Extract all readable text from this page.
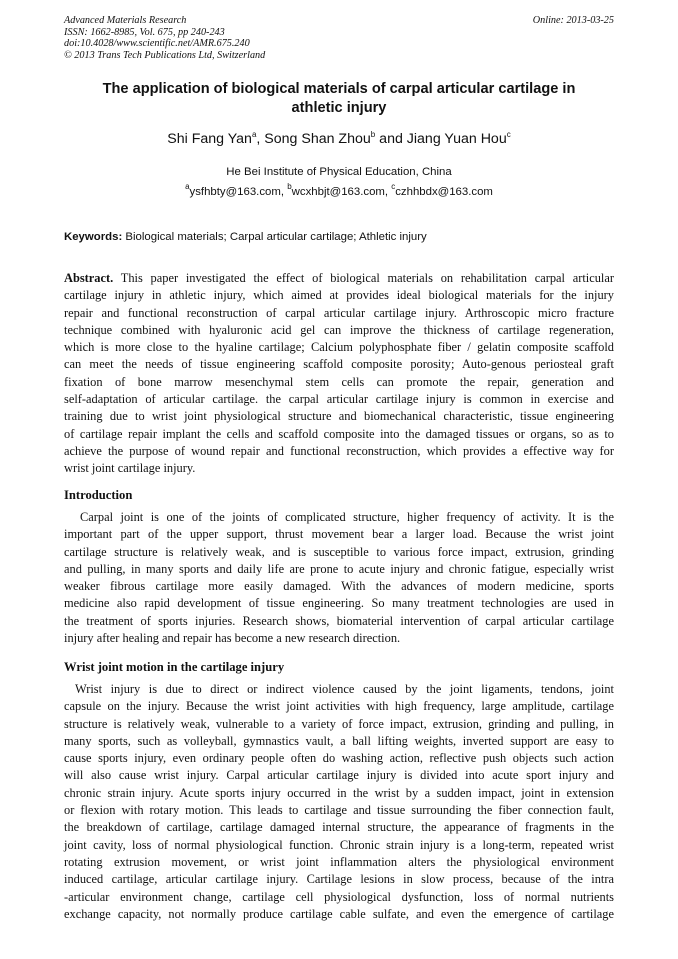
Advanced Materials Research
ISSN: 1662-8985, Vol. 675, pp 240-243
doi:10.4028/www.scientific.net/AMR.675.240
© 2013 Trans Tech Publications Ltd, Switzerland
Online: 2013-03-25
The application of biological materials of carpal articular cartilage in
athletic injury
Shi Fang Yan$^a$, Song Shan Zhou$^b$ and Jiang Yuan Hou$^c$
He Bei Institute of Physical Education, China
$^a$ysfhbty@163.com, $^b$wcxhbjt@163.com, $^c$czhhbdx@163.com
Keywords: Biological materials; Carpal articular cartilage; Athletic injury
Abstract. This paper investigated the effect of biological materials on rehabilitation carpal articular
cartilage injury in athletic injury, which aimed at provides ideal biological materials for the injury
repair and functional reconstruction of carpal articular cartilage injury. Arthroscopic micro fracture
technique combined with hyaluronic acid gel can improve the thickness of cartilage regeneration,
which is more close to the hyaline cartilage; Calcium polyphosphate fiber / gelatin composite scaffold
can meet the needs of tissue engineering scaffold composite porosity; Auto-genous periosteal graft
fixation of bone marrow mesenchymal stem cells can promote the repair, generation and
self-adaptation of articular cartilage. the carpal articular cartilage injury is common in exercise and
training due to wrist joint physiological structure and biomechanical characteristic, tissue engineering
of cartilage repair implant the cells and scaffold composite into the damaged tissues or organs, so as to
achieve the purpose of wound repair and functional reconstruction, which provides a effective way for
wrist joint cartilage injury.
Introduction
Carpal joint is one of the joints of complicated structure, higher frequency of activity. It is the
important part of the upper support, thrust movement bear a larger load. Because the wrist joint
cartilage structure is relatively weak, and is susceptible to various force impact, extrusion, grinding
and pulling, in many sports and daily life are prone to acute injury and chronic fatigue, especially wrist
weaker fibrous cartilage more easily damaged. With the advances of modern medicine, sports
medicine also rapid development of tissue engineering. So many treatment technologies are used in
the treatment of sports injuries. Research shows, biomaterial intervention of carpal articular cartilage
injury after healing and repair has become a new research direction.
Wrist joint motion in the cartilage injury
Wrist injury is due to direct or indirect violence caused by the joint ligaments, tendons, joint
capsule on the injury. Because the wrist joint activities with high frequency, large amplitude, cartilage
structure is relatively weak, vulnerable to a variety of force impact, extrusion, grinding and pulling, in
many sports, such as volleyball, gymnastics vault, a ball lifting weights, inverted support are easy to
cause sports injury, even ordinary people often do washing action, reflective push objects such action
will also cause wrist injury. Carpal articular cartilage injury is divided into acute sport injury and
chronic strain injury. Acute sports injury occurred in the wrist by a sudden impact, joint in extension
or flexion with rotary motion. This leads to cartilage and tissue surrounding the fiber connection fault,
the breakdown of cartilage, cartilage damaged internal structure, the appearance of fragments in the
joint cavity, loss of normal physiological function. Chronic strain injury is a long-term, repeated wrist
rotating extrusion movement, or wrist joint inflammation alters the physiological environment
induced cartilage, articular cartilage injury. Cartilage lesions in slow process, because of the intra
-articular environment change, cartilage cell physiological dysfunction, loss of normal nutrients
exchange capacity, not normally produce cartilage cable sulfate, and even the emergence of cartilage
